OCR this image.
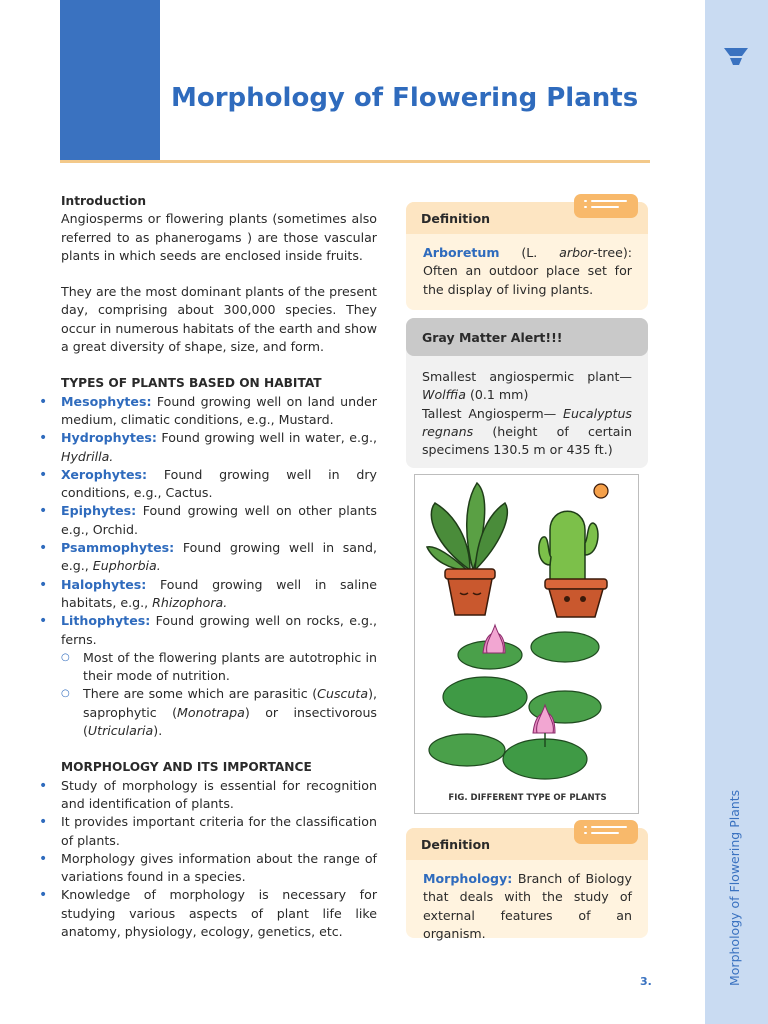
Morphology of Flowering Plants
Morphology of Flowering Plants
Introduction

Angiosperms or flowering plants (sometimes also referred to as phanerogams ) are those vascular plants in which seeds are enclosed inside fruits.

They are the most dominant plants of the present day, comprising about 300,000 species. They occur in numerous habitats of the earth and show a great diversity of shape, size, and form.

TYPES OF PLANTS BASED ON HABITAT
• Mesophytes: Found growing well on land under medium, climatic conditions, e.g., Mustard.
• Hydrophytes: Found growing well in water, e.g., Hydrilla.
• Xerophytes: Found growing well in dry conditions, e.g., Cactus.
• Epiphytes: Found growing well on other plants e.g., Orchid.
• Psammophytes: Found growing well in sand, e.g., Euphorbia.
• Halophytes: Found growing well in saline habitats, e.g., Rhizophora.
• Lithophytes: Found growing well on rocks, e.g., ferns.
○ Most of the flowering plants are autotrophic in their mode of nutrition.
○ There are some which are parasitic (Cuscuta), saprophytic (Monotrapa) or insectivorous (Utricularia).
MORPHOLOGY AND ITS IMPORTANCE
• Study of morphology is essential for recognition and identification of plants.
• It provides important criteria for the classification of plants.
• Morphology gives information about the range of variations found in a species.
• Knowledge of morphology is necessary for studying various aspects of plant life like anatomy, physiology, ecology, genetics, etc.
Definition
Arboretum (L. arbor-tree): Often an outdoor place set for the display of living plants.
Gray Matter Alert!!!
Smallest angiospermic plant— Wolffia (0.1 mm)
Tallest Angiosperm— Eucalyptus regnans (height of certain specimens 130.5 m or 435 ft.)
FIG. DIFFERENT TYPE OF PLANTS
Definition
Morphology: Branch of Biology that deals with the study of external features of an organism.
3.
